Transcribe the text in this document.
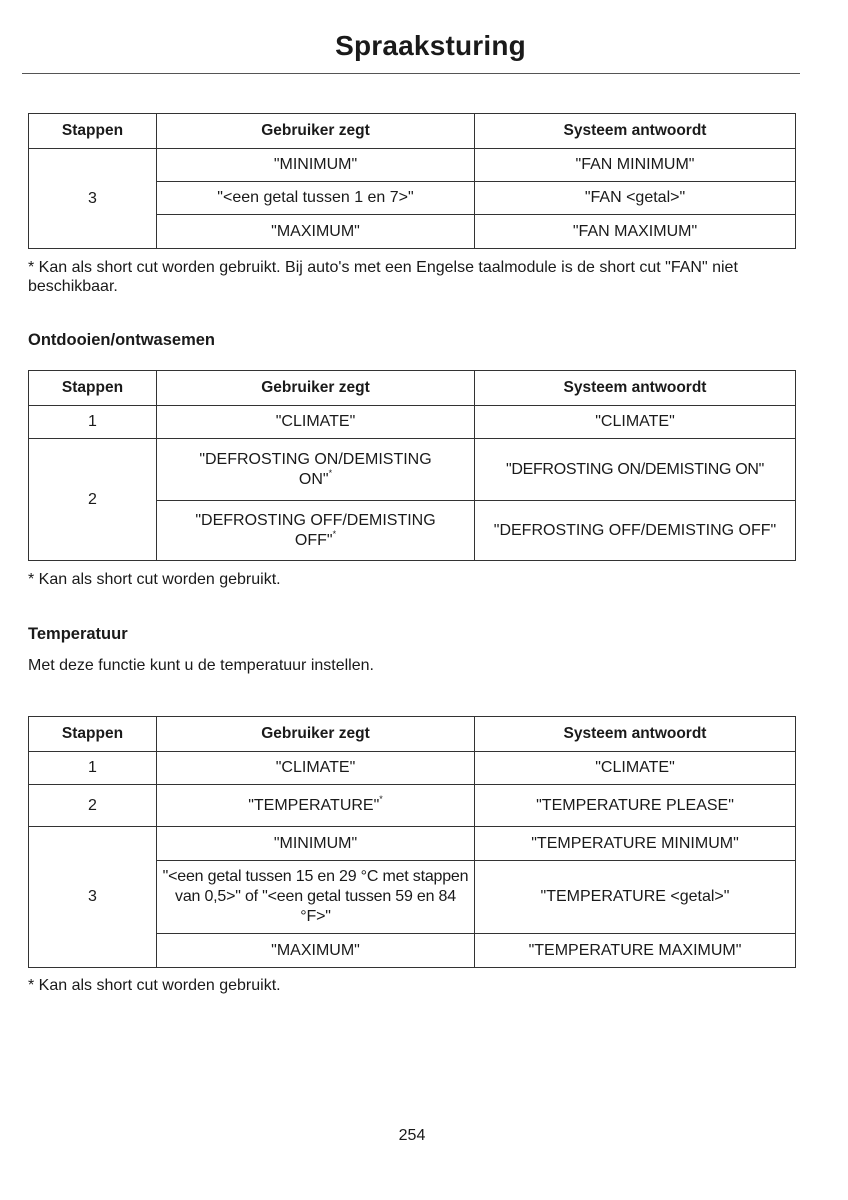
Spraaksturing
Stappen	Gebruiker zegt	Systeem antwoordt
3	"MINIMUM"	"FAN MINIMUM"
	"<een getal tussen 1 en 7>"	"FAN <getal>"
	"MAXIMUM"	"FAN MAXIMUM"
* Kan als short cut worden gebruikt. Bij auto's met een Engelse taalmodule is de short cut "FAN" niet beschikbaar.
Ontdooien/ontwasemen
Stappen	Gebruiker zegt	Systeem antwoordt
1	"CLIMATE"	"CLIMATE"
2	"DEFROSTING ON/DEMISTING ON"*	"DEFROSTING ON/DEMISTING ON"
	"DEFROSTING OFF/DEMISTING OFF"*	"DEFROSTING OFF/DEMISTING OFF"
* Kan als short cut worden gebruikt.
Temperatuur
Met deze functie kunt u de temperatuur instellen.
Stappen	Gebruiker zegt	Systeem antwoordt
1	"CLIMATE"	"CLIMATE"
2	"TEMPERATURE"*	"TEMPERATURE PLEASE"
3	"MINIMUM"	"TEMPERATURE MINIMUM"
	"<een getal tussen 15 en 29 °C met stappen van 0,5>" of "<een getal tussen 59 en 84 °F>"	"TEMPERATURE <getal>"
	"MAXIMUM"	"TEMPERATURE MAXIMUM"
* Kan als short cut worden gebruikt.
254
